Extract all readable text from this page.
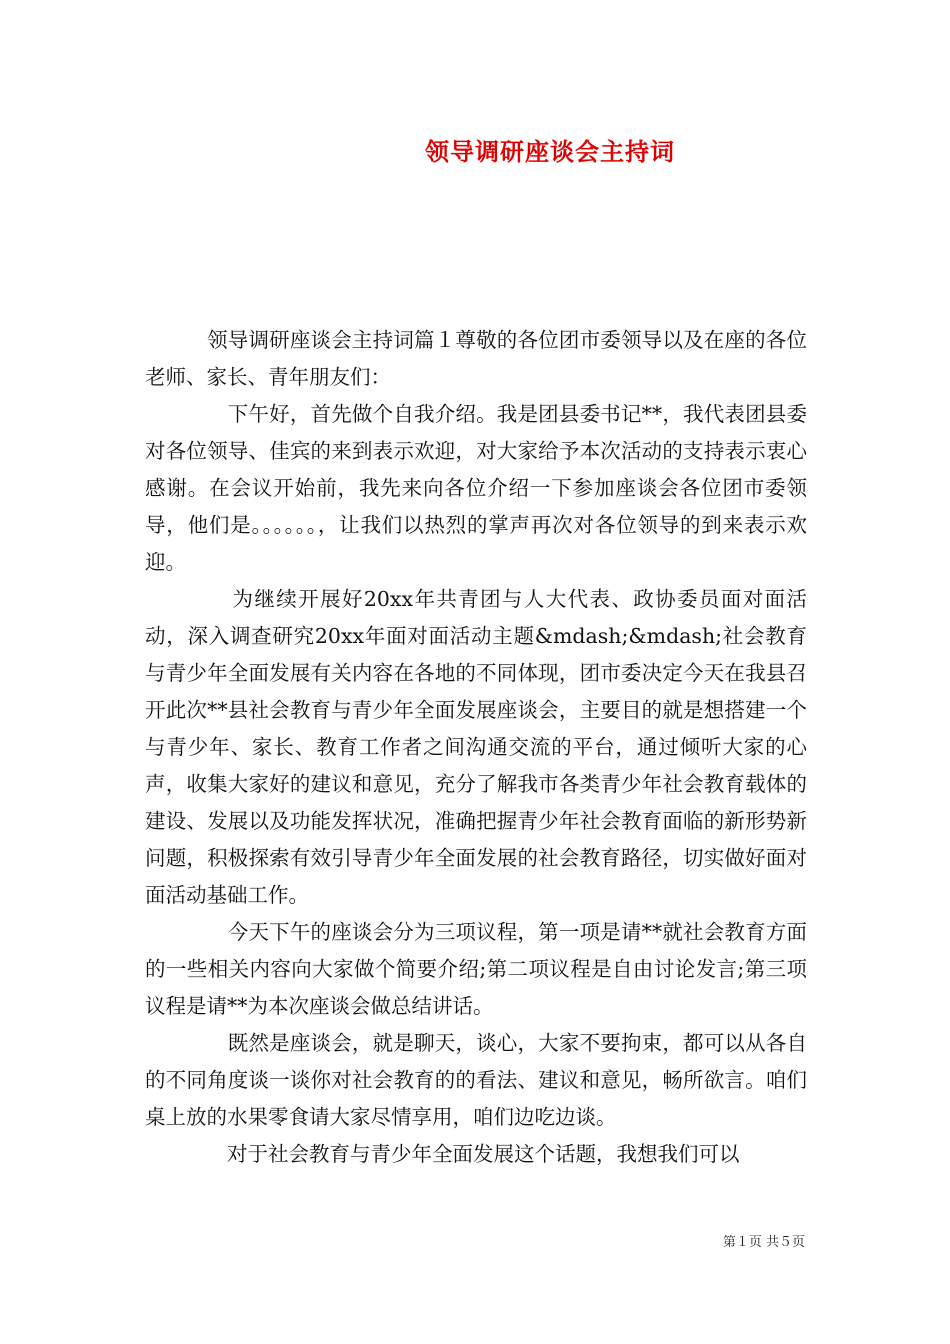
领导调研座谈会主持词

　　　领导调研座谈会主持词篇１尊敬的各位团市委领导以及在座的各位老师、家长、青年朋友们：

　　　　下午好，首先做个自我介绍。我是团县委书记**，我代表团县委对各位领导、佳宾的来到表示欢迎，对大家给予本次活动的支持表示衷心感谢。在会议开始前，我先来向各位介绍一下参加座谈会各位团市委领导，他们是。。。。。。，让我们以热烈的掌声再次对各位领导的到来表示欢迎。

　　　　为继续开展好20xx年共青团与人大代表、政协委员面对面活动，深入调查研究20xx年面对面活动主题&mdash;&mdash;社会教育与青少年全面发展有关内容在各地的不同体现，团市委决定今天在我县召开此次**县社会教育与青少年全面发展座谈会，主要目的就是想搭建一个与青少年、家长、教育工作者之间沟通交流的平台，通过倾听大家的心声，收集大家好的建议和意见，充分了解我市各类青少年社会教育载体的建设、发展以及功能发挥状况，准确把握青少年社会教育面临的新形势新问题，积极探索有效引导青少年全面发展的社会教育路径，切实做好面对面活动基础工作。

　　　　今天下午的座谈会分为三项议程，第一项是请**就社会教育方面的一些相关内容向大家做个简要介绍;第二项议程是自由讨论发言;第三项议程是请**为本次座谈会做总结讲话。

　　　　既然是座谈会，就是聊天，谈心，大家不要拘束，都可以从各自的不同角度谈一谈你对社会教育的的看法、建议和意见，畅所欲言。咱们桌上放的水果零食请大家尽情享用，咱们边吃边谈。

　　　　对于社会教育与青少年全面发展这个话题，我想我们可以

第１页 共５页
